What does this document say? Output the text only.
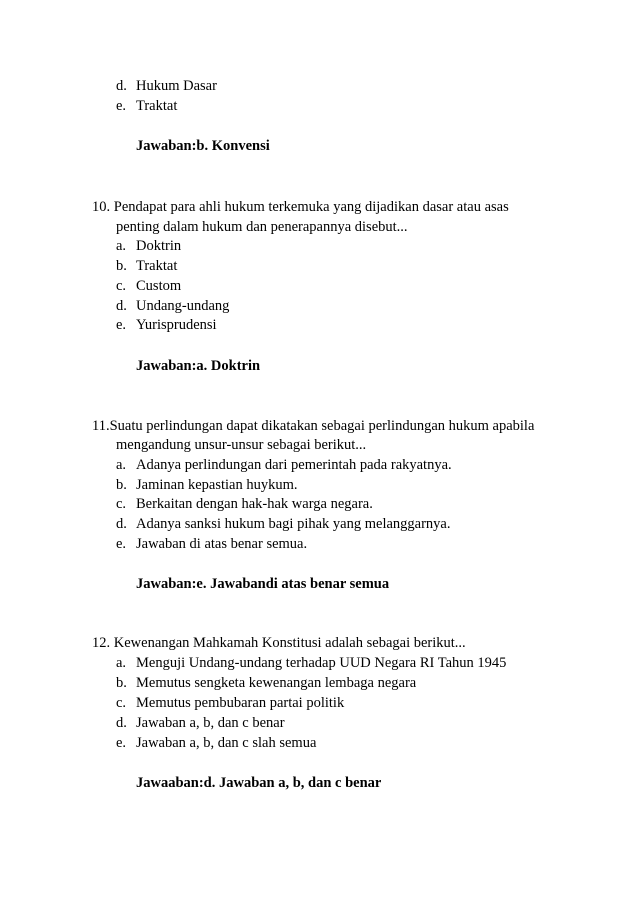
d. Hukum Dasar
e. Traktat
Jawaban:b. Konvensi
10. Pendapat para ahli hukum terkemuka yang dijadikan dasar atau asas
penting dalam hukum dan penerapannya disebut...
a. Doktrin
b. Traktat
c. Custom
d. Undang-undang
e. Yurisprudensi
Jawaban:a. Doktrin
11.Suatu perlindungan dapat dikatakan sebagai perlindungan hukum apabila
mengandung unsur-unsur sebagai berikut...
a. Adanya perlindungan dari pemerintah pada rakyatnya.
b. Jaminan kepastian huykum.
c. Berkaitan dengan hak-hak warga negara.
d. Adanya sanksi hukum bagi pihak yang melanggarnya.
e. Jawaban di atas benar semua.
Jawaban:e. Jawabandi atas benar semua
12. Kewenangan Mahkamah Konstitusi adalah sebagai berikut...
a. Menguji Undang-undang terhadap UUD Negara RI Tahun 1945
b. Memutus sengketa kewenangan lembaga negara
c. Memutus pembubaran partai politik
d. Jawaban a, b, dan c benar
e. Jawaban a, b, dan c slah semua
Jawaaban:d. Jawaban a, b, dan c benar
